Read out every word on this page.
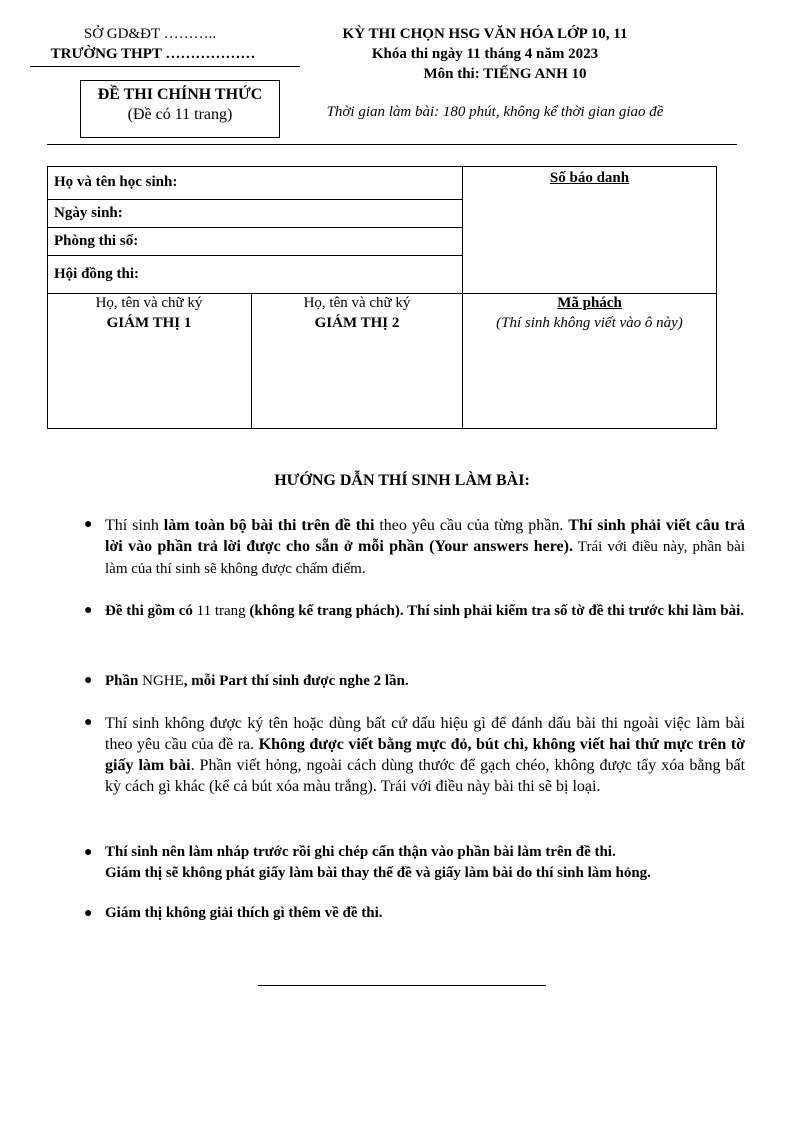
SỞ GD&ĐT ………..
TRƯỜNG THPT ………………
KỲ THI CHỌN HSG VĂN HÓA LỚP 10, 11
Khóa thi ngày 11 tháng 4 năm 2023
Môn thi: TIẾNG ANH 10
ĐỀ THI CHÍNH THỨC
(Đề có 11 trang)	Thời gian làm bài: 180 phút, không kể thời gian giao đề
Họ và tên học sinh:
Ngày sinh:
Phòng thi số:
Hội đồng thi:
Số báo danh
Họ, tên và chữ ký
GIÁM THỊ 1
Họ, tên và chữ ký
GIÁM THỊ 2
Mã phách
(Thí sinh không viết vào ô này)
HƯỚNG DẪN THÍ SINH LÀM BÀI:
● Thí sinh làm toàn bộ bài thi trên đề thi theo yêu cầu của từng phần. Thí sinh phải viết câu trả lời vào phần trả lời được cho sẵn ở mỗi phần (Your answers here). Trái với điều này, phần bài làm của thí sinh sẽ không được chấm điểm.
● Đề thi gồm có 11 trang (không kể trang phách). Thí sinh phải kiểm tra số tờ đề thi trước khi làm bài.
● Phần NGHE, mỗi Part thí sinh được nghe 2 lần.
● Thí sinh không được ký tên hoặc dùng bất cứ dấu hiệu gì để đánh dấu bài thi ngoài việc làm bài theo yêu cầu của đề ra. Không được viết bằng mực đỏ, bút chì, không viết hai thứ mực trên tờ giấy làm bài. Phần viết hỏng, ngoài cách dùng thước để gạch chéo, không được tẩy xóa bằng bất kỳ cách gì khác (kể cả bút xóa màu trắng). Trái với điều này bài thi sẽ bị loại.
● Thí sinh nên làm nháp trước rồi ghi chép cẩn thận vào phần bài làm trên đề thi.
Giám thị sẽ không phát giấy làm bài thay thế đề và giấy làm bài do thí sinh làm hỏng.
● Giám thị không giải thích gì thêm về đề thi.
